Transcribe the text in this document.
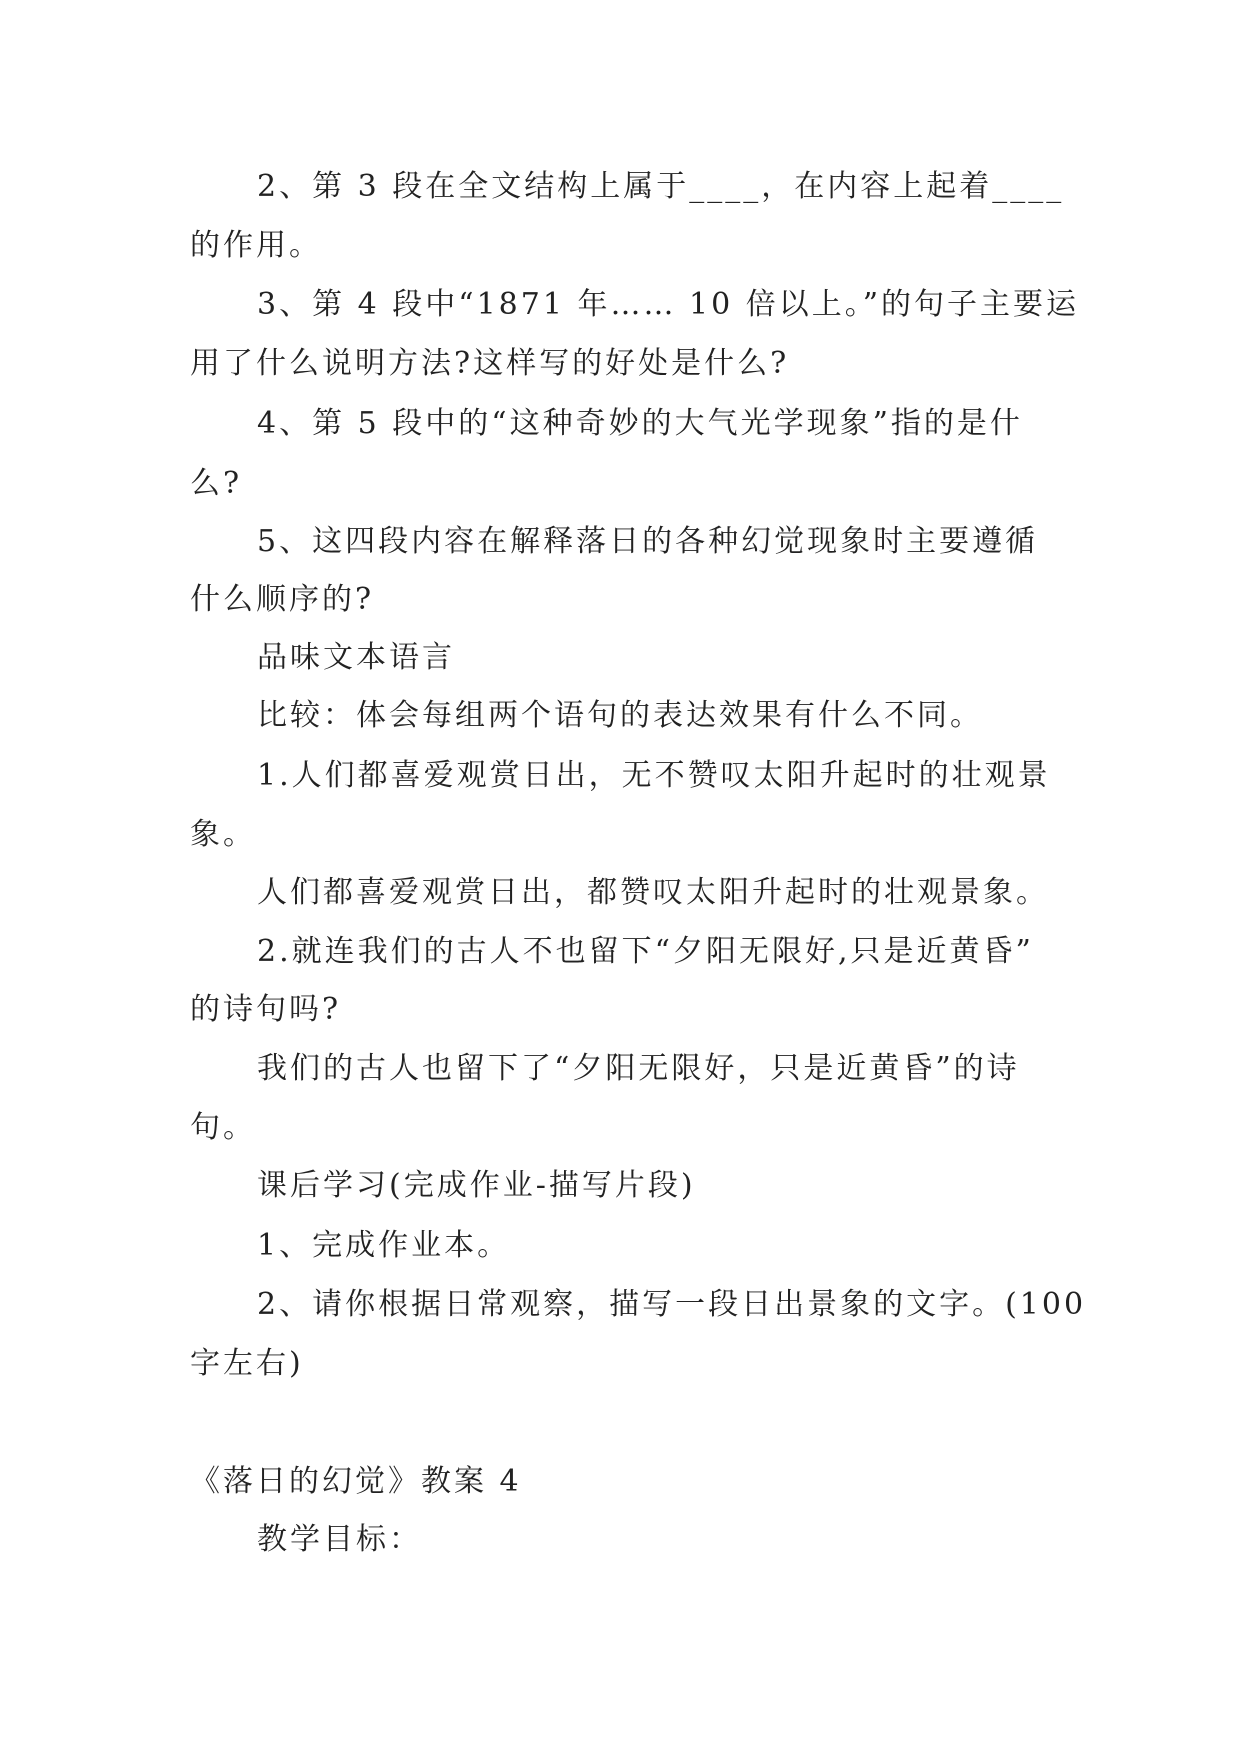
2、第 3 段在全文结构上属于____，在内容上起着____
的作用。
3、第 4 段中“1871 年…… 10 倍以上。”的句子主要运
用了什么说明方法?这样写的好处是什么?
4、第 5 段中的“这种奇妙的大气光学现象”指的是什
么?
5、这四段内容在解释落日的各种幻觉现象时主要遵循
什么顺序的?
品味文本语言
比较：体会每组两个语句的表达效果有什么不同。
1.人们都喜爱观赏日出，无不赞叹太阳升起时的壮观景
象。
人们都喜爱观赏日出，都赞叹太阳升起时的壮观景象。
2.就连我们的古人不也留下“夕阳无限好,只是近黄昏”
的诗句吗?
我们的古人也留下了“夕阳无限好，只是近黄昏”的诗
句。
课后学习(完成作业-描写片段)
1、完成作业本。
2、请你根据日常观察，描写一段日出景象的文字。(100
字左右)
《落日的幻觉》教案 4
教学目标：
